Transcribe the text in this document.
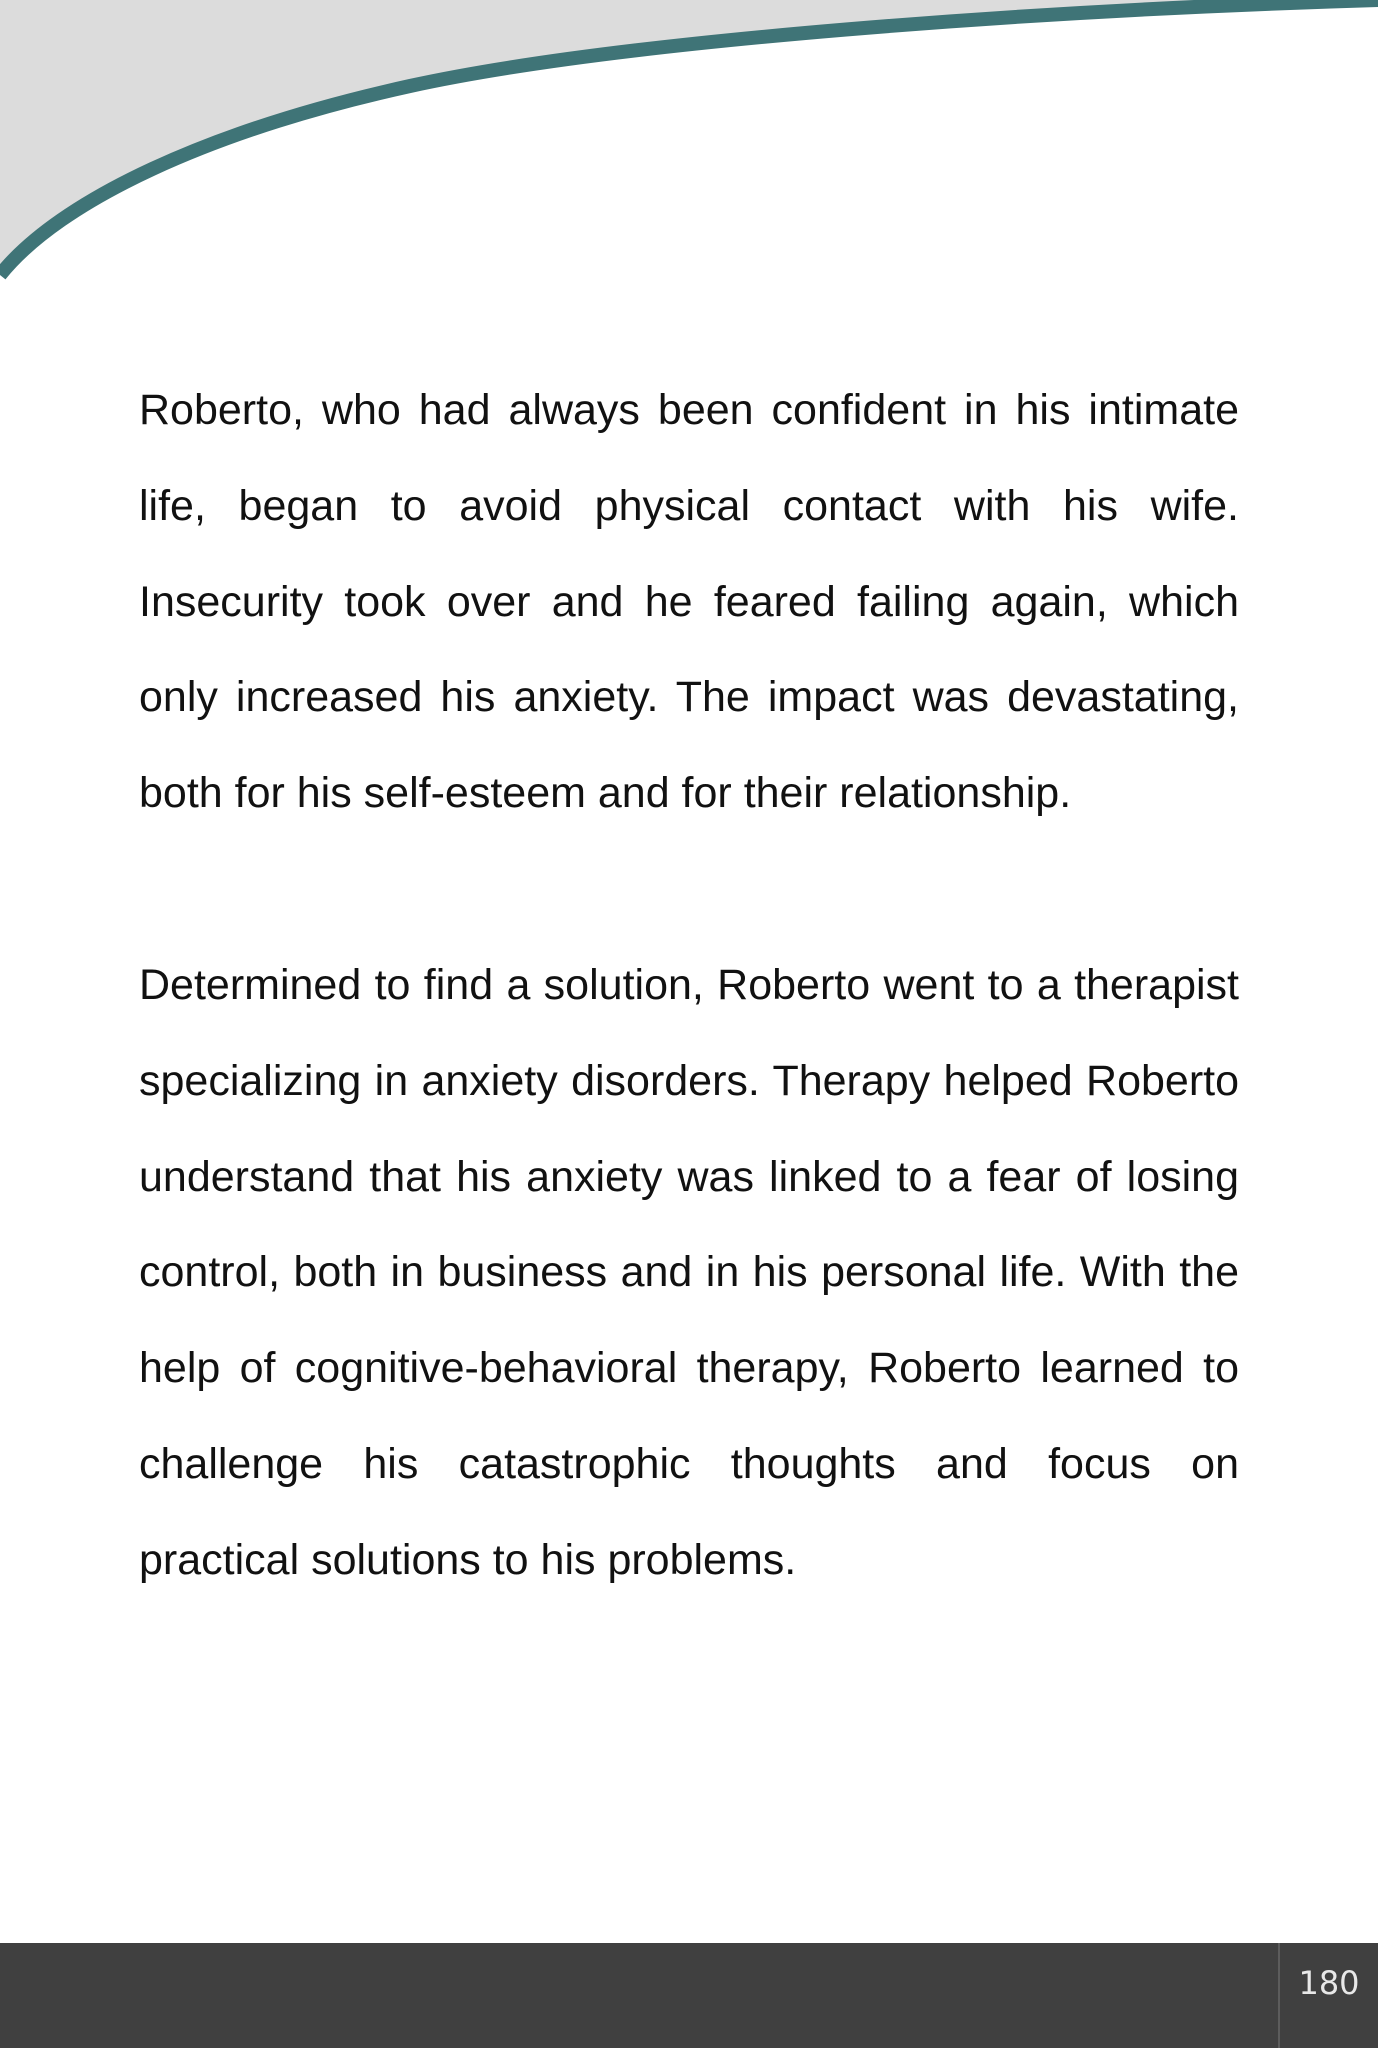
Roberto, who had always been confident in his intimate life, began to avoid physical contact with his wife. Insecurity took over and he feared failing again, which only increased his anxiety. The impact was devastating, both for his self-esteem and for their relationship.

Determined to find a solution, Roberto went to a therapist specializing in anxiety disorders. Therapy helped Roberto understand that his anxiety was linked to a fear of losing control, both in business and in his personal life. With the help of cognitive-behavioral therapy, Roberto learned to challenge his catastrophic thoughts and focus on practical solutions to his problems.

180
